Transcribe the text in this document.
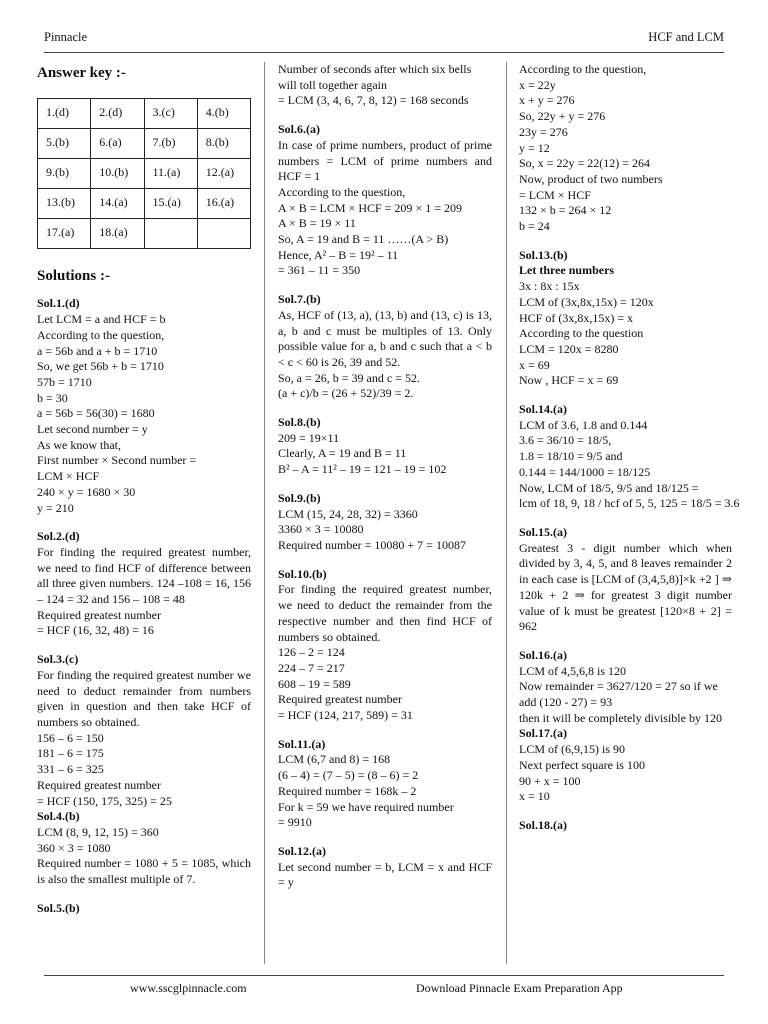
Pinnacle	HCF and LCM
Answer key :-
1.(d)	2.(d)	3.(c)	4.(b)
5.(b)	6.(a)	7.(b)	8.(b)
9.(b)	10.(b)	11.(a)	12.(a)
13.(b)	14.(a)	15.(a)	16.(a)
17.(a)	18.(a)		
Solutions :-
Sol.1.(d)
Let LCM = a and HCF = b
According to the question,
a = 56b and a + b = 1710
So, we get 56b + b = 1710
57b = 1710
b = 30
a = 56b = 56(30) = 1680
Let second number = y
As we know that,
First number × Second number =
LCM × HCF
240 × y = 1680 × 30
y = 210
Sol.2.(d)
For finding the required greatest number, we need to find HCF of difference between all three given numbers. 124 –108 = 16, 156 – 124 = 32 and 156 – 108 = 48
Required greatest number
= HCF (16, 32, 48) = 16
Sol.3.(c)
For finding the required greatest number we need to deduct remainder from numbers given in question and then take HCF of numbers so obtained.
156 – 6 = 150
181 – 6 = 175
331 – 6 = 325
Required greatest number
= HCF (150, 175, 325) = 25
Sol.4.(b)
LCM (8, 9, 12, 15) = 360
360 × 3 = 1080
Required number = 1080 + 5 = 1085, which is also the smallest multiple of 7.
Sol.5.(b)
Number of seconds after which six bells
will toll together again
= LCM (3, 4, 6, 7, 8, 12) = 168 seconds
Sol.6.(a)
In case of prime numbers, product of prime numbers = LCM of prime numbers and HCF = 1
According to the question,
A × B = LCM × HCF = 209 × 1 = 209
A × B = 19 × 11
So, A = 19 and B = 11 ……(A > B)
Hence, A² – B = 19² – 11
= 361 – 11 = 350
Sol.7.(b)
As, HCF of (13, a), (13, b) and (13, c) is 13, a, b and c must be multiples of 13. Only possible value for a, b and c such that a < b < c < 60 is 26, 39 and 52.
So, a = 26, b = 39 and c = 52.
(a + c)/b = (26 + 52)/39 = 2.
Sol.8.(b)
209 = 19×11
Clearly, A = 19 and B = 11
B² – A = 11² – 19 = 121 – 19 = 102
Sol.9.(b)
LCM (15, 24, 28, 32) = 3360
3360 × 3 = 10080
Required number = 10080 + 7 = 10087
Sol.10.(b)
For finding the required greatest number, we need to deduct the remainder from the respective number and then find HCF of numbers so obtained.
126 – 2 = 124
224 – 7 = 217
608 – 19 = 589
Required greatest number
= HCF (124, 217, 589) = 31
Sol.11.(a)
LCM (6,7 and 8) = 168
(6 – 4) = (7 – 5) = (8 – 6) = 2
Required number = 168k – 2
For k = 59 we have required number
= 9910
Sol.12.(a)
Let second number = b, LCM = x and HCF = y
According to the question,
x = 22y
x + y = 276
So, 22y + y = 276
23y = 276
y = 12
So, x = 22y = 22(12) = 264
Now, product of two numbers
= LCM × HCF
132 × b = 264 × 12
b = 24
Sol.13.(b)
Let three numbers
3x : 8x : 15x
LCM of (3x,8x,15x) = 120x
HCF of (3x,8x,15x) = x
According to the question
LCM = 120x = 8280
x = 69
Now , HCF = x = 69
Sol.14.(a)
LCM of 3.6, 1.8 and 0.144
3.6 = 36/10 = 18/5,
1.8 = 18/10 = 9/5 and
0.144 = 144/1000 = 18/125
Now, LCM of 18/5, 9/5 and 18/125 =
lcm of 18, 9, 18 / hcf of 5, 5, 125 = 18/5 = 3.6
Sol.15.(a)
Greatest 3 - digit number which when divided by 3, 4, 5, and 8 leaves remainder 2 in each case is [LCM of (3,4,5,8)]×k +2 ] ⇒ 120k + 2 ⇒ for greatest 3 digit number value of k must be greatest [120×8 + 2] = 962
Sol.16.(a)
LCM of 4,5,6,8 is 120
Now remainder = 3627/120 = 27 so if we
add (120 - 27) = 93
then it will be completely divisible by 120
Sol.17.(a)
LCM of (6,9,15) is 90
Next perfect square is 100
90 + x = 100
x = 10
Sol.18.(a)
www.sscglpinnacle.com	Download Pinnacle Exam Preparation App
